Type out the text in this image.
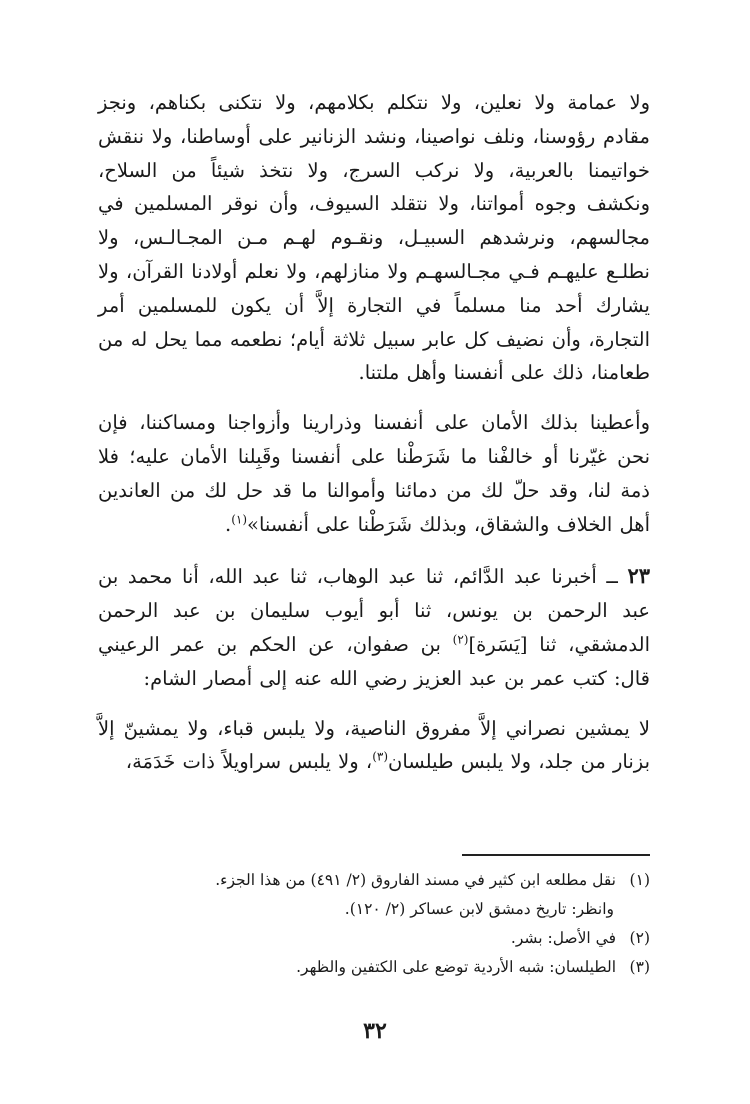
ولا عمامة ولا نعلين، ولا نتكلم بكلامهم، ولا نتكنى بكناهم، ونجز مقادم رؤوسنا، ونلف نواصينا، ونشد الزنانير على أوساطنا، ولا ننقش خواتيمنا بالعربية، ولا نركب السرج، ولا نتخذ شيئاً من السلاح، ونكشف وجوه أمواتنا، ولا نتقلد السيوف، وأن نوقر المسلمين في مجالسهم، ونرشدهم السبيـل، ونقـوم لهـم مـن المجـالـس، ولا نطلـع عليهـم فـي مجـالسهـم ولا منازلهم، ولا نعلم أولادنا القرآن، ولا يشارك أحد منا مسلماً في التجارة إلاَّ أن يكون للمسلمين أمر التجارة، وأن نضيف كل عابر سبيل ثلاثة أيام؛ نطعمه مما يحل له من طعامنا، ذلك على أنفسنا وأهل ملتنا.

وأعطينا بذلك الأمان على أنفسنا وذرارينا وأزواجنا ومساكننا، فإن نحن غيّرنا أو خالفْنا ما شَرَطْنا على أنفسنا وقَبِلنا الأمان عليه؛ فلا ذمة لنا، وقد حلّ لك من دمائنا وأموالنا ما قد حل لك من العاندين أهل الخلاف والشقاق، وبذلك شَرَطْنا على أنفسنا»$^{(١)}$.

٢٣ ــ أخبرنا عبد الدَّائم، ثنا عبد الوهاب، ثنا عبد الله، أنا محمد بن عبد الرحمن بن يونس، ثنا أبو أيوب سليمان بن عبد الرحمن الدمشقي، ثنا [يَسَرة]$^{(٢)}$ بن صفوان، عن الحكم بن عمر الرعيني قال: كتب عمر بن عبد العزيز رضي الله عنه إلى أمصار الشام:

لا يمشين نصراني إلاَّ مفروق الناصية، ولا يلبس قباء، ولا يمشينّ إلاَّ بزنار من جلد، ولا يلبس طيلسان$^{(٣)}$، ولا يلبس سراويلاً ذات خَدَمَة،

(١)نقل مطلعه ابن كثير في مسند الفاروق (٢/ ٤٩١) من هذا الجزء.
وانظر: تاريخ دمشق لابن عساكر (٢/ ١٢٠).
(٢)في الأصل: بشر.
(٣)الطيلسان: شبه الأردية توضع على الكتفين والظهر.
٣٢
